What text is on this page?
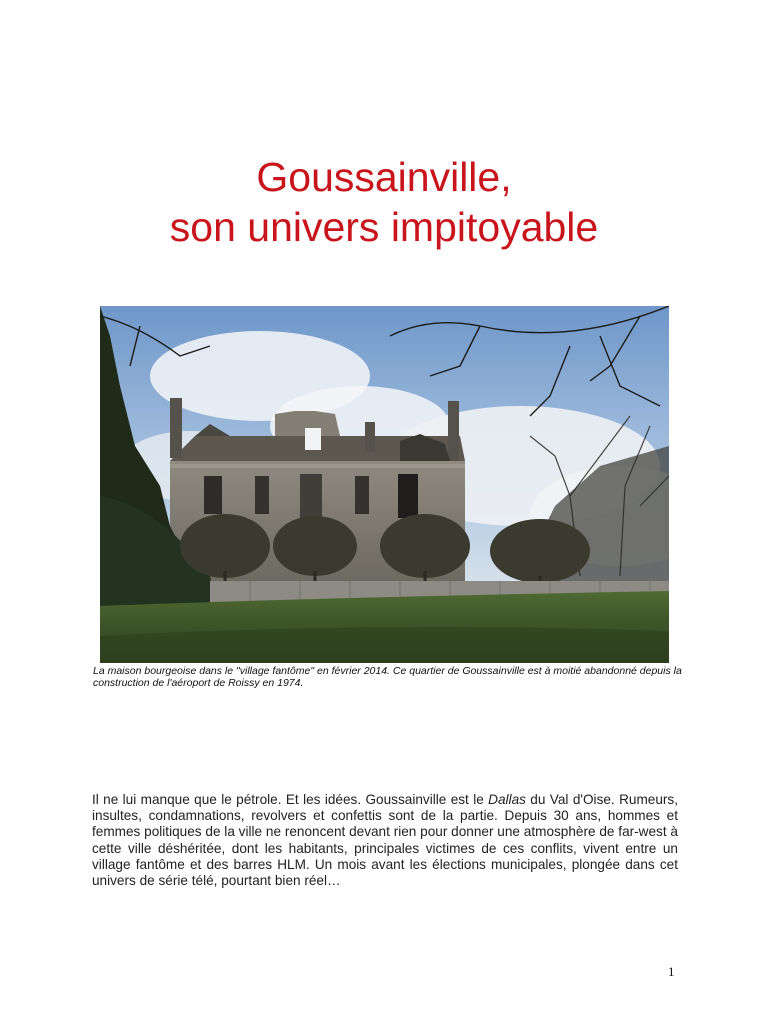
Goussainville,
son univers impitoyable
La maison bourgeoise dans le "village fantôme" en février 2014. Ce quartier de Goussainville est à moitié abandonné depuis la construction de l'aéroport de Roissy en 1974.

Il ne lui manque que le pétrole. Et les idées. Goussainville est le Dallas du Val d'Oise. Rumeurs, insultes, condamnations, revolvers et confettis sont de la partie. Depuis 30 ans, hommes et femmes politiques de la ville ne renoncent devant rien pour donner une atmosphère de far-west à cette ville déshéritée, dont les habitants, principales victimes de ces conflits, vivent entre un village fantôme et des barres HLM. Un mois avant les élections municipales, plongée dans cet univers de série télé, pourtant bien réel…

1
